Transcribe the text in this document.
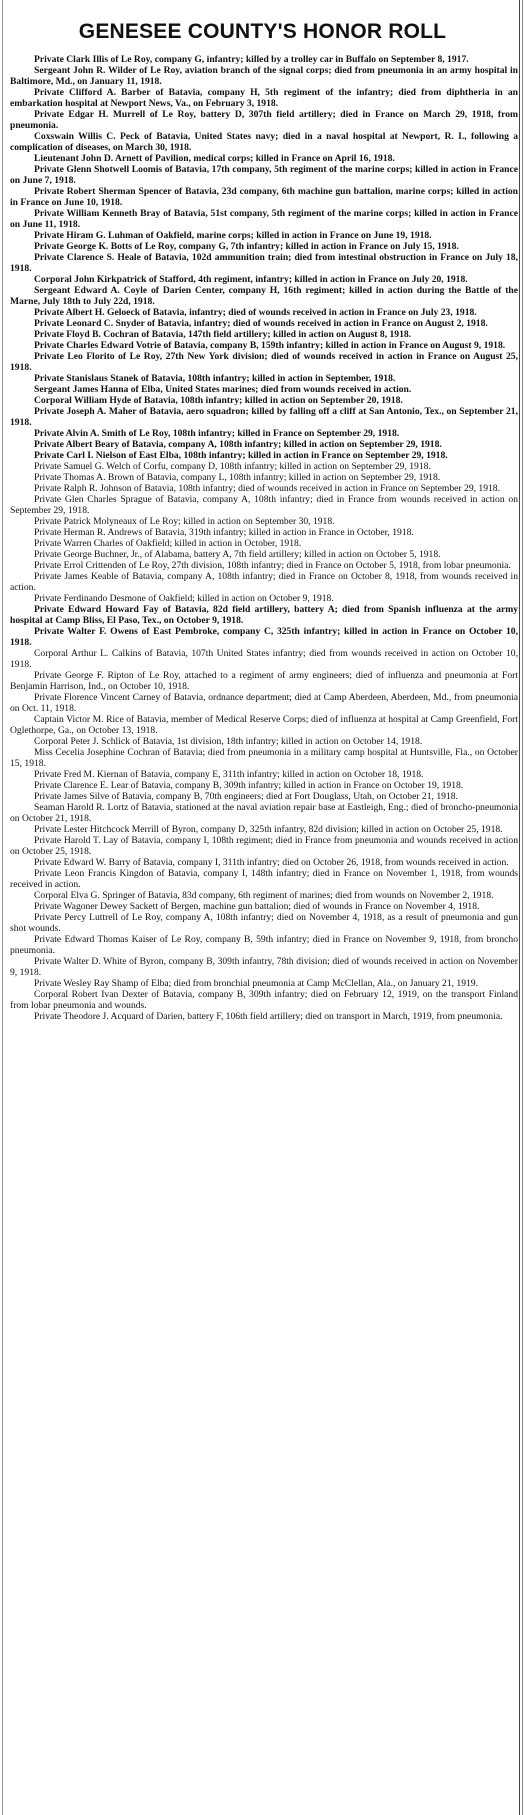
GENESEE COUNTY'S HONOR ROLL

Private Clark Illis of Le Roy, company G, infantry; killed by a trolley car in Buffalo on September 8, 1917.

Sergeant John R. Wilder of Le Roy, aviation branch of the signal corps; died from pneumonia in an army hospital in Baltimore, Md., on January 11, 1918.

Private Clifford A. Barber of Batavia, company H, 5th regiment of the infantry; died from diphtheria in an embarkation hospital at Newport News, Va., on February 3, 1918.

Private Edgar H. Murrell of Le Roy, battery D, 307th field artillery; died in France on March 29, 1918, from pneumonia.

Coxswain Willis C. Peck of Batavia, United States navy; died in a naval hospital at Newport, R. I., following a complication of diseases, on March 30, 1918.

Lieutenant John D. Arnett of Pavilion, medical corps; killed in France on April 16, 1918.

Private Glenn Shotwell Loomis of Batavia, 17th company, 5th regiment of the marine corps; killed in action in France on June 7, 1918.

Private Robert Sherman Spencer of Batavia, 23d company, 6th machine gun battalion, marine corps; killed in action in France on June 10, 1918.

Private William Kenneth Bray of Batavia, 51st company, 5th regiment of the marine corps; killed in action in France on June 11, 1918.

Private Hiram G. Luhman of Oakfield, marine corps; killed in action in France on June 19, 1918.

Private George K. Botts of Le Roy, company G, 7th infantry; killed in action in France on July 15, 1918.

Private Clarence S. Heale of Batavia, 102d ammunition train; died from intestinal obstruction in France on July 18, 1918.

Corporal John Kirkpatrick of Stafford, 4th regiment, infantry; killed in action in France on July 20, 1918.

Sergeant Edward A. Coyle of Darien Center, company H, 16th regiment; killed in action during the Battle of the Marne, July 18th to July 22d, 1918.

Private Albert H. Geloeck of Batavia, infantry; died of wounds received in action in France on July 23, 1918.

Private Leonard C. Snyder of Batavia, infantry; died of wounds received in action in France on August 2, 1918.

Private Floyd B. Cochran of Batavia, 147th field artillery; killed in action on August 8, 1918.

Private Charles Edward Votrie of Batavia, company B, 159th infantry; killed in action in France on August 9, 1918.

Private Leo Florito of Le Roy, 27th New York division; died of wounds received in action in France on August 25, 1918.

Private Stanislaus Stanek of Batavia, 108th infantry; killed in action in September, 1918.

Sergeant James Hanna of Elba, United States marines; died from wounds received in action.

Corporal William Hyde of Batavia, 108th infantry; killed in action on September 20, 1918.

Private Joseph A. Maher of Batavia, aero squadron; killed by falling off a cliff at San Antonio, Tex., on September 21, 1918.

Private Alvin A. Smith of Le Roy, 108th infantry; killed in France on September 29, 1918.

Private Albert Beary of Batavia, company A, 108th infantry; killed in action on September 29, 1918.

Private Carl I. Nielson of East Elba, 108th infantry; killed in action in France on September 29, 1918.

Private Samuel G. Welch of Corfu, company D, 108th infantry; killed in action on September 29, 1918.

Private Thomas A. Brown of Batavia, company L, 108th infantry; killed in action on September 29, 1918.

Private Ralph R. Johnson of Batavia, 108th infantry; died of wounds received in action in France on September 29, 1918.

Private Glen Charles Sprague of Batavia, company A, 108th infantry; died in France from wounds received in action on September 29, 1918.

Private Patrick Molyneaux of Le Roy; killed in action on September 30, 1918.

Private Herman R. Andrews of Batavia, 319th infantry; killed in action in France in October, 1918.

Private Warren Charles of Oakfield; killed in action in October, 1918.

Private George Buchner, Jr., of Alabama, battery A, 7th field artillery; killed in action on October 5, 1918.

Private Errol Crittenden of Le Roy, 27th division, 108th infantry; died in France on October 5, 1918, from lobar pneumonia.

Private James Keable of Batavia, company A, 108th infantry; died in France on October 8, 1918, from wounds received in action.

Private Ferdinando Desmone of Oakfield; killed in action on October 9, 1918.

Private Edward Howard Fay of Batavia, 82d field artillery, battery A; died from Spanish influenza at the army hospital at Camp Bliss, El Paso, Tex., on October 9, 1918.

Private Walter F. Owens of East Pembroke, company C, 325th infantry; killed in action in France on October 10, 1918.

Corporal Arthur L. Calkins of Batavia, 107th United States infantry; died from wounds received in action on October 10, 1918.

Private George F. Ripton of Le Roy, attached to a regiment of army engineers; died of influenza and pneumonia at Fort Benjamin Harrison, Ind., on October 10, 1918.

Private Florence Vincent Carney of Batavia, ordnance department; died at Camp Aberdeen, Aberdeen, Md., from pneumonia on Oct. 11, 1918.

Captain Victor M. Rice of Batavia, member of Medical Reserve Corps; died of influenza at hospital at Camp Greenfield, Fort Oglethorpe, Ga., on October 13, 1918.

Corporal Peter J. Schlick of Batavia, 1st division, 18th infantry; killed in action on October 14, 1918.

Miss Cecelia Josephine Cochran of Batavia; died from pneumonia in a military camp hospital at Huntsville, Fla., on October 15, 1918.

Private Fred M. Kiernan of Batavia, company E, 311th infantry; killed in action on October 18, 1918.

Private Clarence E. Lear of Batavia, company B, 309th infantry; killed in action in France on October 19, 1918.

Private James Silve of Batavia, company B, 70th engineers; died at Fort Douglass, Utah, on October 21, 1918.

Seaman Harold R. Lortz of Batavia, stationed at the naval aviation repair base at Eastleigh, Eng.; died of broncho-pneumonia on October 21, 1918.

Private Lester Hitchcock Merrill of Byron, company D, 325th infantry, 82d division; killed in action on October 25, 1918.

Private Harold T. Lay of Batavia, company I, 108th regiment; died in France from pneumonia and wounds received in action on October 25, 1918.

Private Edward W. Barry of Batavia, company I, 311th infantry; died on October 26, 1918, from wounds received in action.

Private Leon Francis Kingdon of Batavia, company I, 148th infantry; died in France on November 1, 1918, from wounds received in action.

Corporal Elva G. Springer of Batavia, 83d company, 6th regiment of marines; died from wounds on November 2, 1918.

Private Wagoner Dewey Sackett of Bergen, machine gun battalion; died of wounds in France on November 4, 1918.

Private Percy Luttrell of Le Roy, company A, 108th infantry; died on November 4, 1918, as a result of pneumonia and gun shot wounds.

Private Edward Thomas Kaiser of Le Roy, company B, 59th infantry; died in France on November 9, 1918, from broncho pneumonia.

Private Walter D. White of Byron, company B, 309th infantry, 78th division; died of wounds received in action on November 9, 1918.

Private Wesley Ray Shamp of Elba; died from bronchial pneumonia at Camp McClellan, Ala., on January 21, 1919.

Corporal Robert Ivan Dexter of Batavia, company B, 309th infantry; died on February 12, 1919, on the transport Finland from lobar pneumonia and wounds.

Private Theodore J. Acquard of Darien, battery F, 106th field artillery; died on transport in March, 1919, from pneumonia.
